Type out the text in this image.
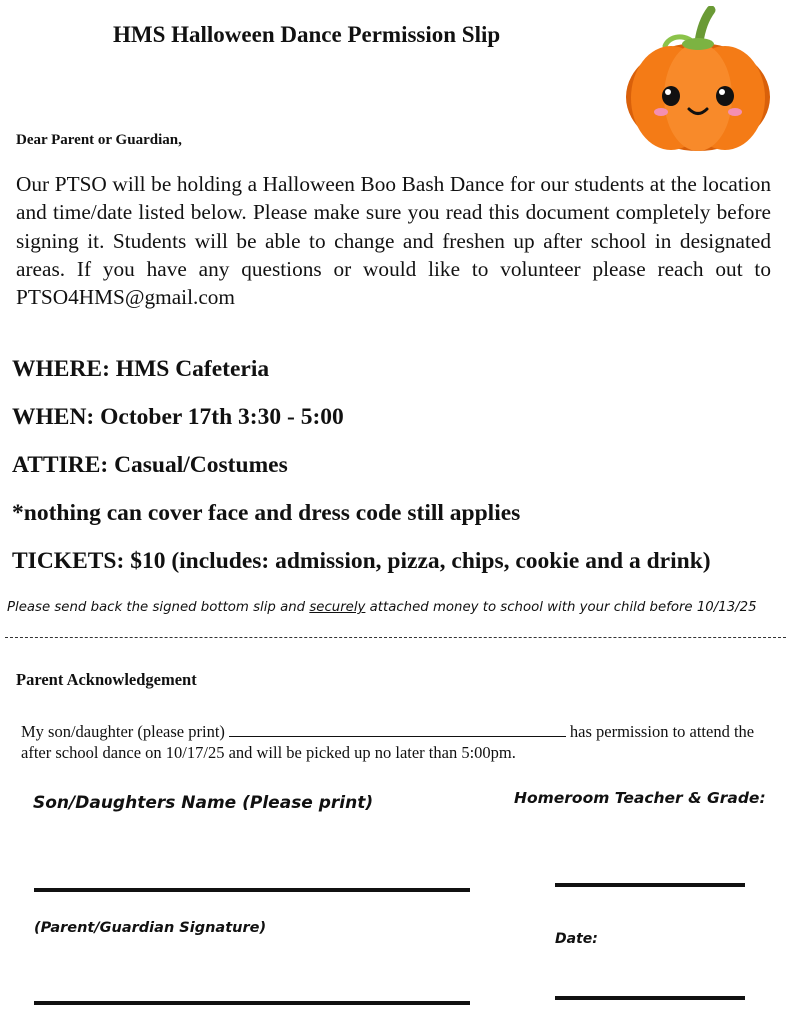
HMS Halloween Dance Permission Slip

Dear Parent or Guardian,

Our PTSO will be holding a Halloween Boo Bash Dance for our students at the location and time/date listed below. Please make sure you read this document completely before signing it. Students will be able to change and freshen up after school in designated areas. If you have any questions or would like to volunteer please reach out to PTSO4HMS@gmail.com

WHERE: HMS Cafeteria

WHEN: October 17th 3:30 - 5:00

ATTIRE: Casual/Costumes

*nothing can cover face and dress code still applies

TICKETS: $10 (includes: admission, pizza, chips, cookie and a drink)

Please send back the signed bottom slip and securely attached money to school with your child before 10/13/25

Parent Acknowledgement

My son/daughter (please print)	has permission to attend the after school dance on 10/17/25 and will be picked up no later than 5:00pm.

Son/Daughters Name (Please print)	Homeroom Teacher & Grade:
(Parent/Guardian Signature)
Date:
